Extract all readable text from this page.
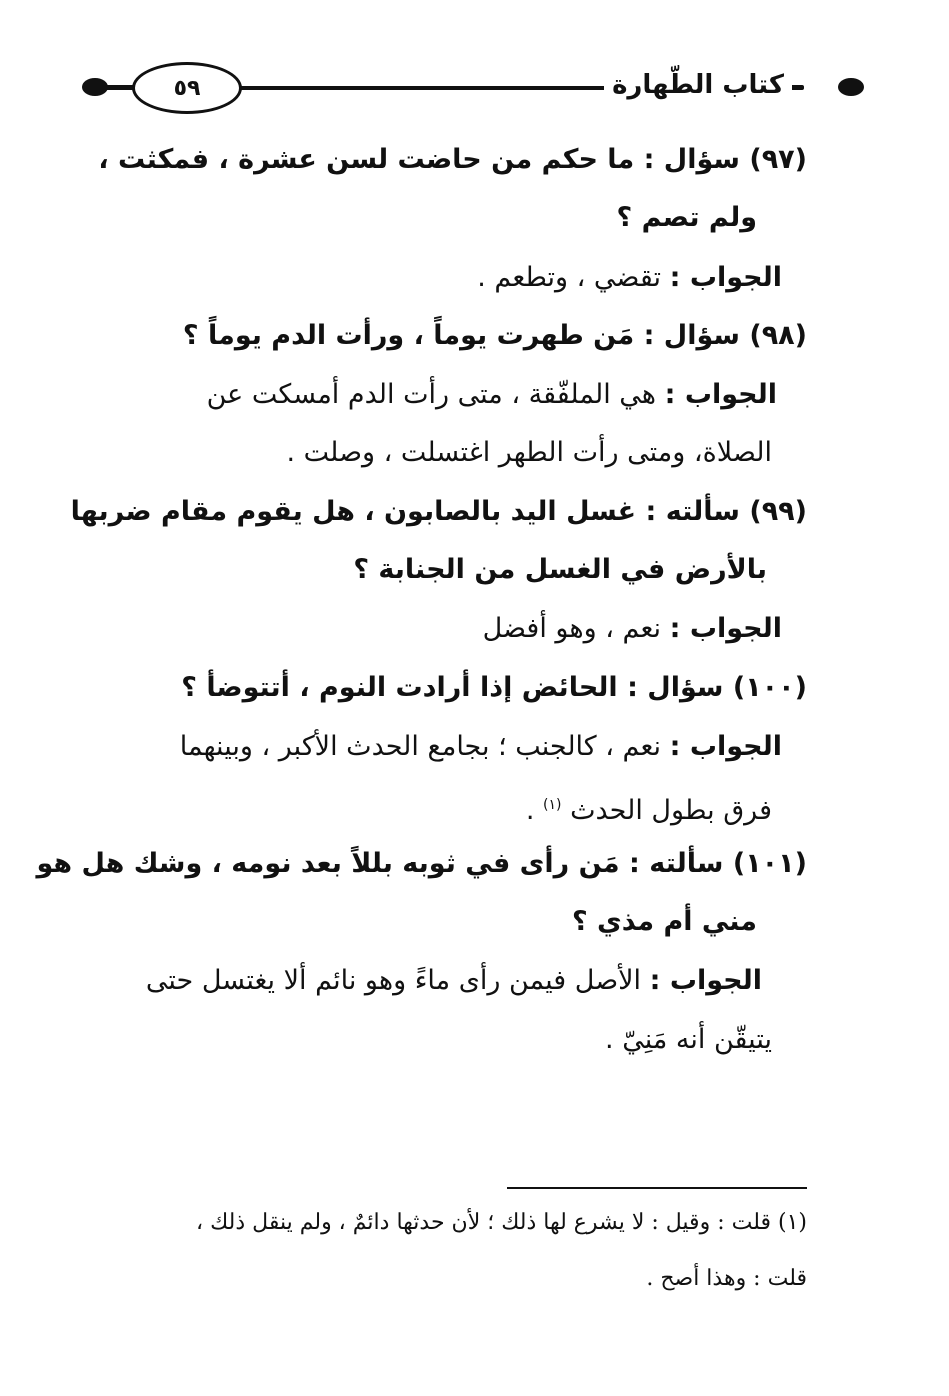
٥٩	كتاب الطّهارة
(٩٧) سؤال : ما حكم من حاضت لسن عشرة ، فمكثت ،
ولم تصم ؟
الجواب : تقضي ، وتطعم .
(٩٨) سؤال : مَن طهرت يوماً ، ورأت الدم يوماً ؟
الجواب : هي الملفّقة ، متى رأت الدم أمسكت عن
الصلاة، ومتى رأت الطهر اغتسلت ، وصلت .
(٩٩) سألته : غسل اليد بالصابون ، هل يقوم مقام ضربها
بالأرض في الغسل من الجنابة ؟
الجواب : نعم ، وهو أفضل
(١٠٠) سؤال : الحائض إذا أرادت النوم ، أتتوضأ ؟
الجواب : نعم ، كالجنب ؛ بجامع الحدث الأكبر ، وبينهما
فرق بطول الحدث $^{(١)}$ .
(١٠١) سألته : مَن رأى في ثوبه بللاً بعد نومه ، وشك هل هو
مني أم مذي ؟
الجواب : الأصل فيمن رأى ماءً وهو نائم ألا يغتسل حتى
يتيقّن أنه مَنِيّ .
(١) قلت : وقيل : لا يشرع لها ذلك ؛ لأن حدثها دائمٌ ، ولم ينقل ذلك ،
قلت : وهذا أصح .
